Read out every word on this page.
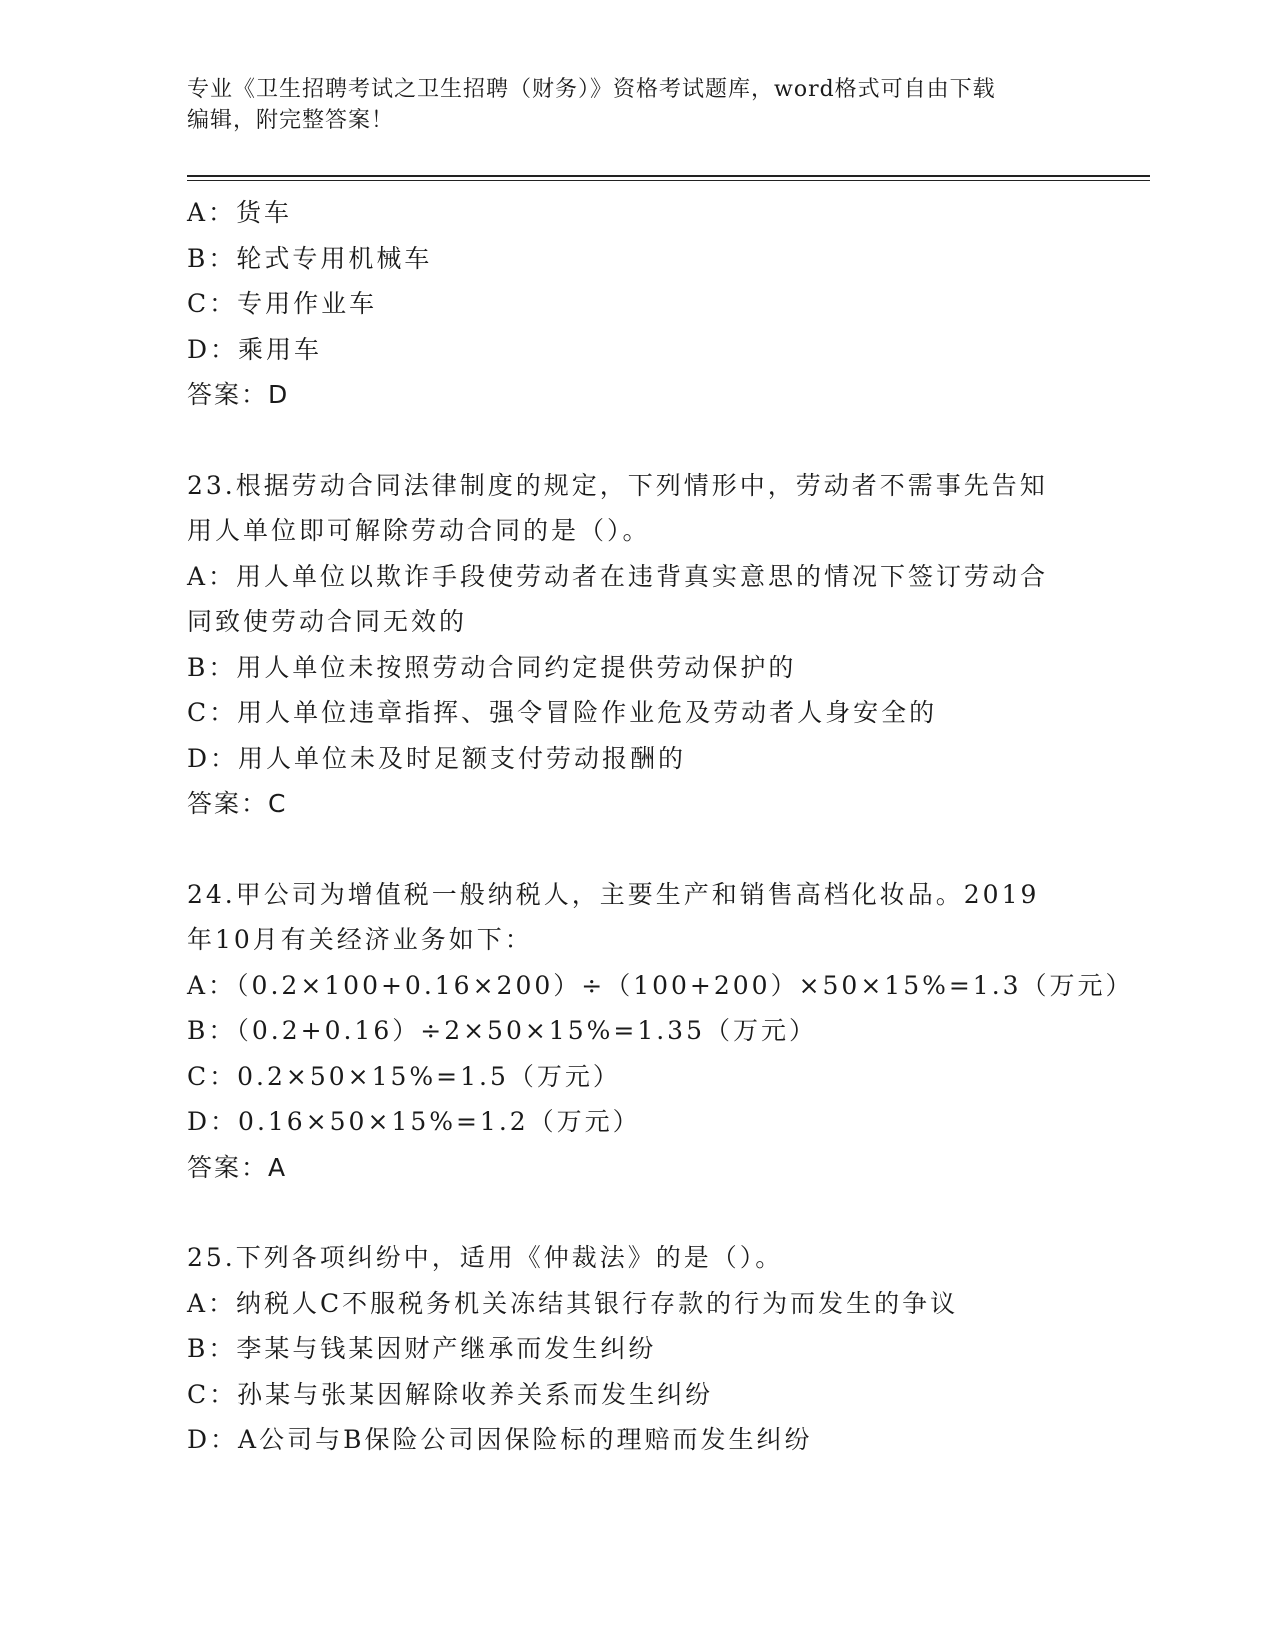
专业《卫生招聘考试之卫生招聘（财务）》资格考试题库，word格式可自由下载
编辑，附完整答案！
A：货车
B：轮式专用机械车
C：专用作业车
D：乘用车
答案：D
23.根据劳动合同法律制度的规定，下列情形中，劳动者不需事先告知
用人单位即可解除劳动合同的是（）。
A：用人单位以欺诈手段使劳动者在违背真实意思的情况下签订劳动合
同致使劳动合同无效的
B：用人单位未按照劳动合同约定提供劳动保护的
C：用人单位违章指挥、强令冒险作业危及劳动者人身安全的
D：用人单位未及时足额支付劳动报酬的
答案：C
24.甲公司为增值税一般纳税人，主要生产和销售高档化妆品。2019
年10月有关经济业务如下：
A：（0.2×100+0.16×200）÷（100+200）×50×15%=1.3（万元）
B：（0.2+0.16）÷2×50×15%=1.35（万元）
C：0.2×50×15%=1.5（万元）
D：0.16×50×15%=1.2（万元）
答案：A
25.下列各项纠纷中，适用《仲裁法》的是（）。
A：纳税人C不服税务机关冻结其银行存款的行为而发生的争议
B：李某与钱某因财产继承而发生纠纷
C：孙某与张某因解除收养关系而发生纠纷
D：A公司与B保险公司因保险标的理赔而发生纠纷
